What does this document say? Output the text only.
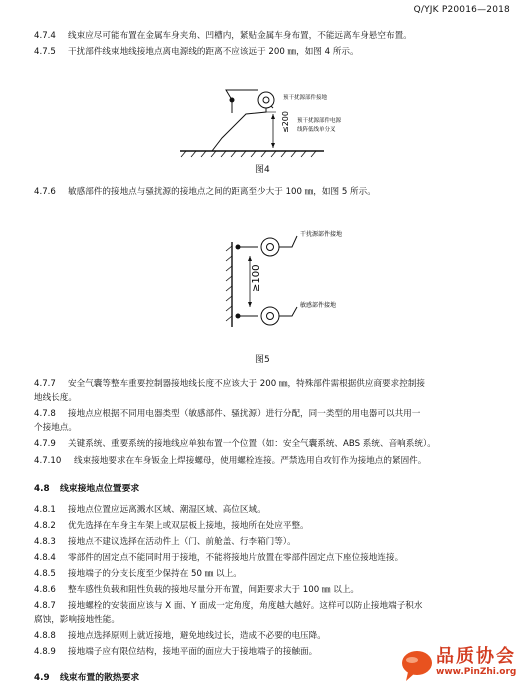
Q/YJK P20016—2018
4.7.4 线束应尽可能布置在金属车身夹角、凹槽内，紧贴金属车身布置，不能远离车身悬空布置。
4.7.5 干扰部件线束地线接地点离电源线的距离不应该远于 200 ㎜，如图 4 所示。
≤200
预干扰源部件接地
预干扰源部件电源
线阵低线单分叉
图4
4.7.6 敏感部件的接地点与骚扰源的接地点之间的距离至少大于 100 ㎜，如图 5 所示。
≥100
干扰源部件接地
敏感部件接地
图5
4.7.7 安全气囊等整车重要控制器接地线长度不应该大于 200 ㎜，特殊部件需根据供应商要求控制接
地线长度。
4.7.8 接地点应根据不同用电器类型（敏感部件、骚扰源）进行分配，同一类型的用电器可以共用一
个接地点。
4.7.9 关键系统、重要系统的接地线应单独布置一个位置（如：安全气囊系统、ABS 系统、音响系统）。
4.7.10 线束接地要求在车身钣金上焊接螺母，使用螺栓连接。严禁选用自攻钉作为接地点的紧固件。
4.8 线束接地点位置要求
4.8.1 接地点位置应远离溅水区域、潮湿区域、高位区域。
4.8.2 优先选择在车身主车架上或双层板上接地，接地所在处应平整。
4.8.3 接地点不建议选择在活动件上（门、前舱盖、行李箱门等）。
4.8.4 零部件的固定点不能同时用于接地，不能将接地片放置在零部件固定点下座位接地连接。
4.8.5 接地端子的分支长度至少保持在 50 ㎜ 以上。
4.8.6 整车感性负载和阻性负载的接地尽量分开布置，间距要求大于 100 ㎜ 以上。
4.8.7 接地螺栓的安装面应该与 X 面、Y 面成一定角度，角度越大越好。这样可以防止接地端子积水
腐蚀，影响接地性能。
4.8.8 接地点选择原则上就近接地，避免地线过长，造成不必要的电压降。
4.8.9 接地端子应有限位结构，接地平面的面应大于接地端子的接触面。
4.9 线束布置的散热要求
品质协会
www.PinZhi.org
